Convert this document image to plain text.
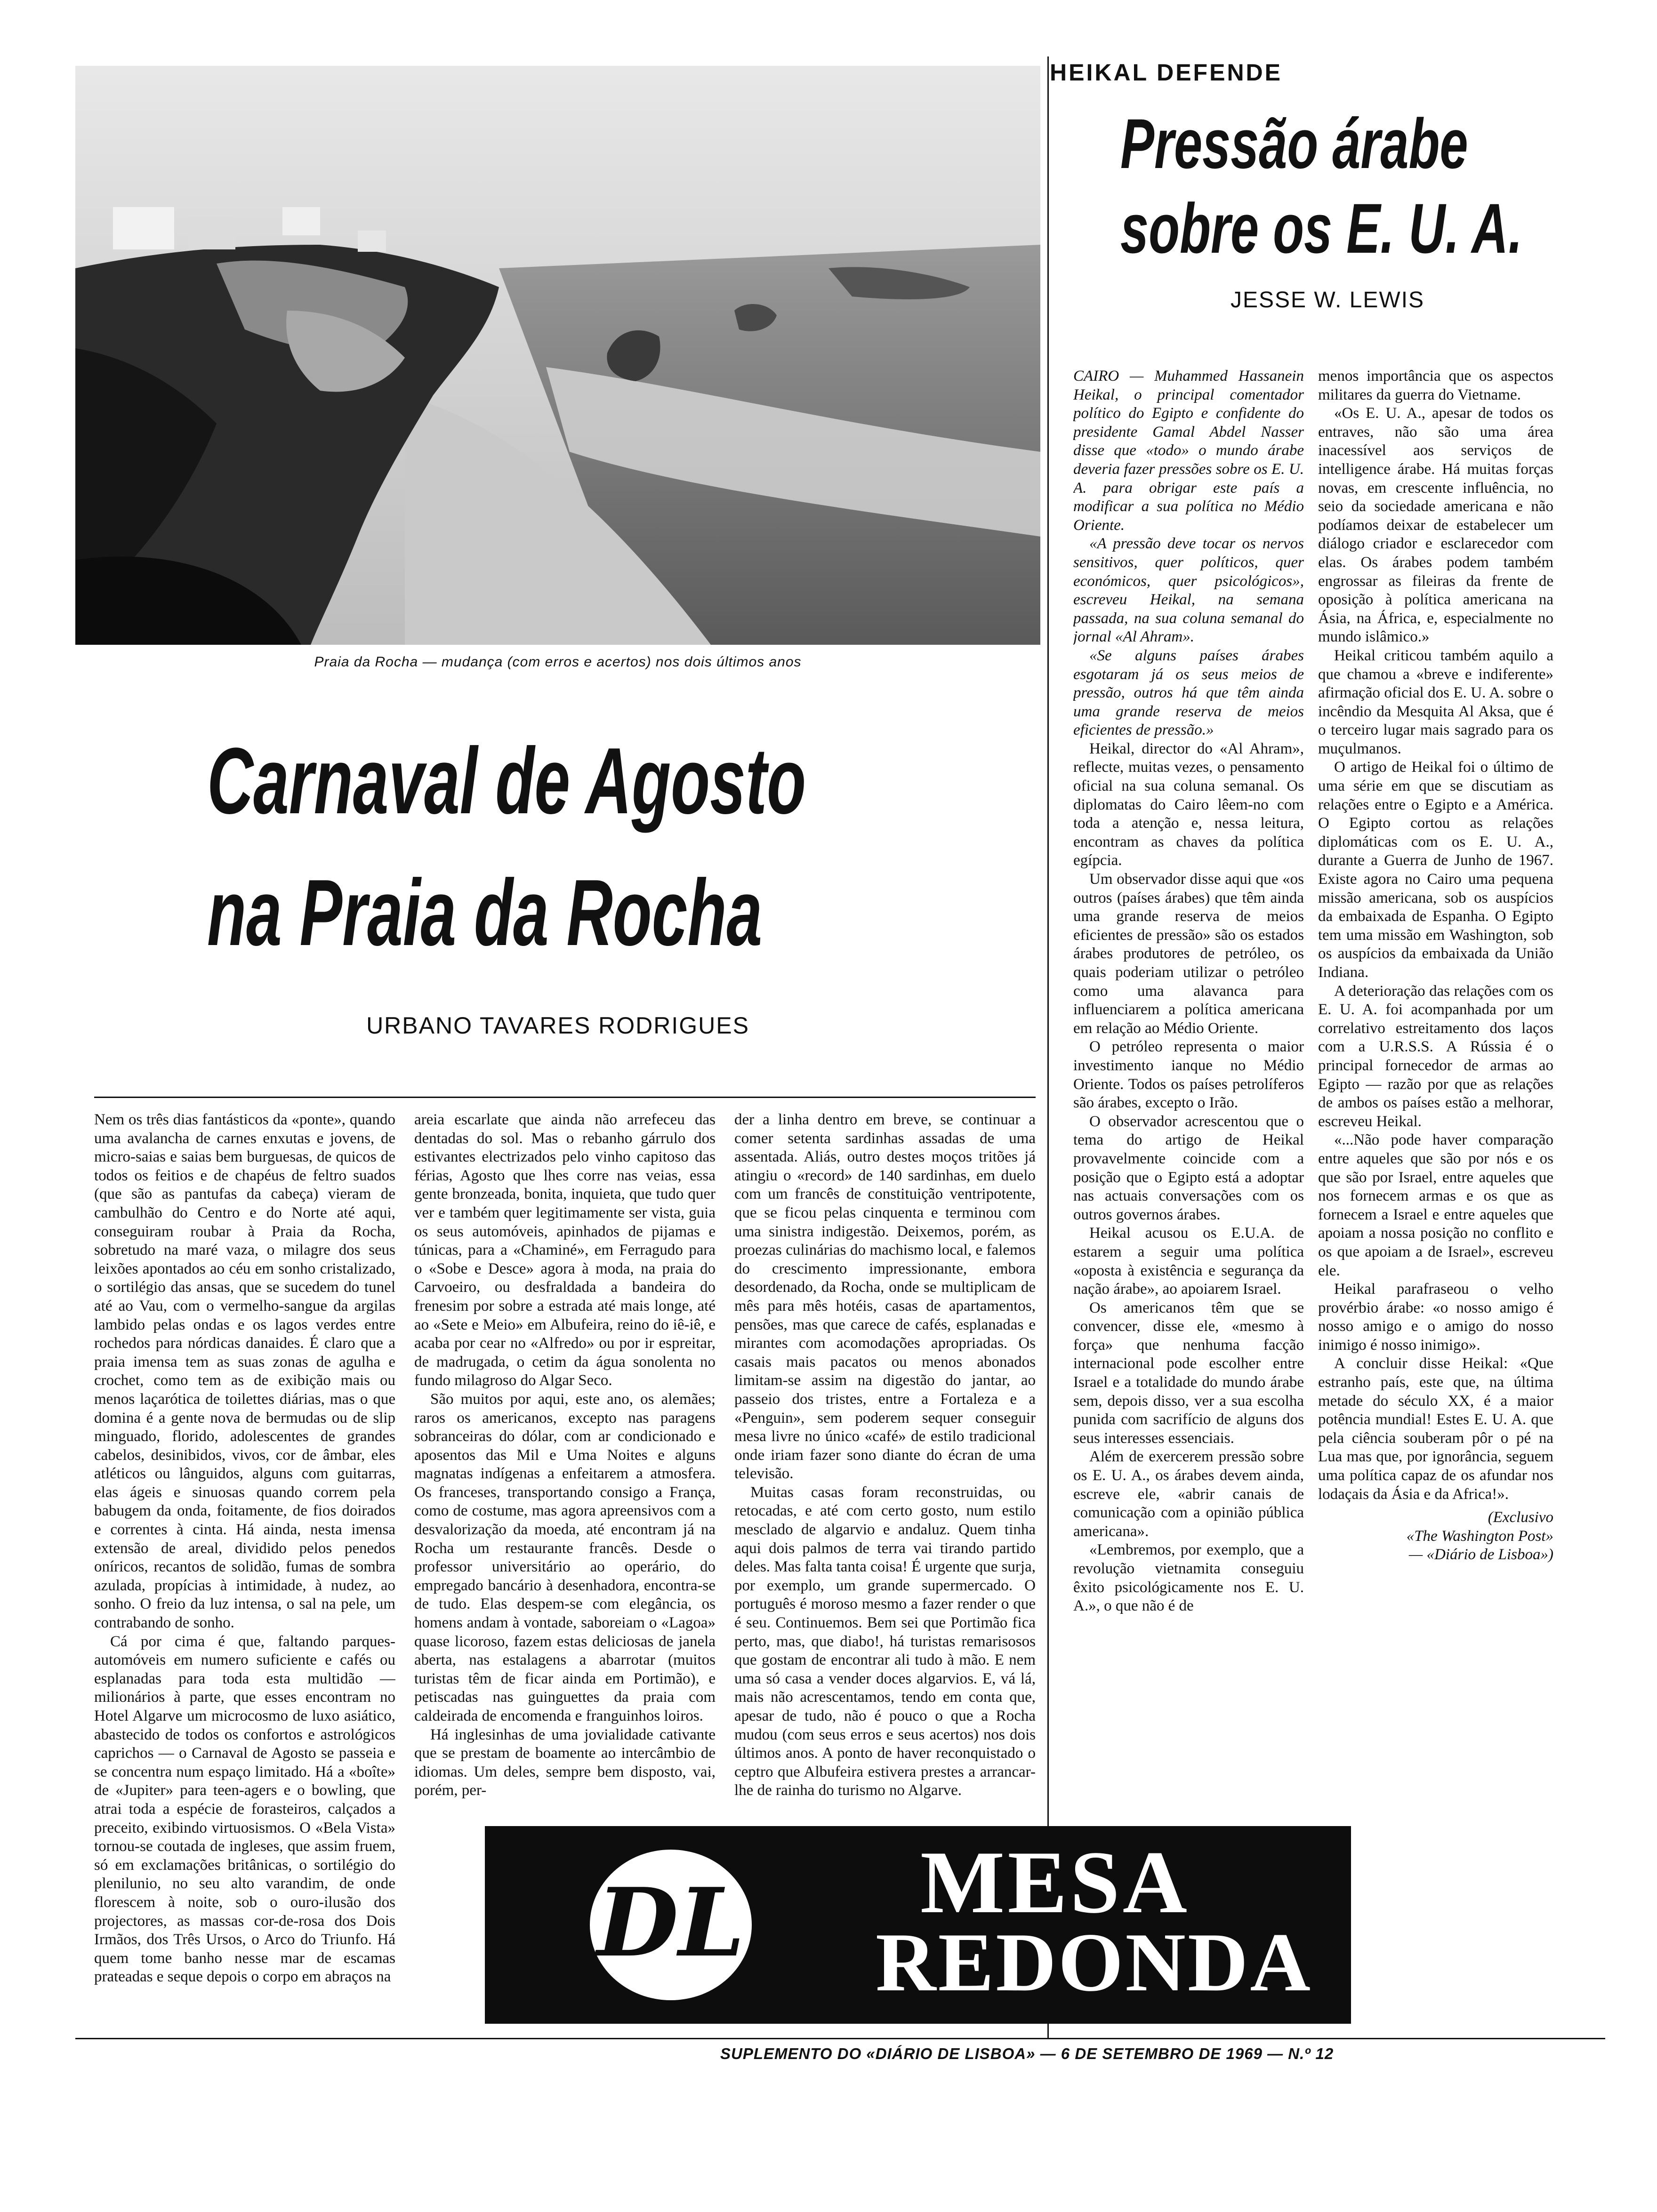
Praia da Rocha — mudança (com erros e acertos) nos dois últimos anos
Carnaval de Agosto
na Praia da Rocha
URBANO TAVARES RODRIGUES

Nem os três dias fantásticos da «ponte», quando uma avalancha de carnes enxutas e jovens, de micro-saias e saias bem burguesas, de quicos de todos os feitios e de chapéus de feltro suados (que são as pantufas da cabeça) vieram de cambulhão do Centro e do Norte até aqui, conseguiram roubar à Praia da Rocha, sobretudo na maré vaza, o milagre dos seus leixões apontados ao céu em sonho cristalizado, o sortilégio das ansas, que se sucedem do tunel até ao Vau, com o vermelho-sangue da argilas lambido pelas ondas e os lagos verdes entre rochedos para nórdicas danaides. É claro que a praia imensa tem as suas zonas de agulha e crochet, como tem as de exibição mais ou menos laçarótica de toilettes diárias, mas o que domina é a gente nova de bermudas ou de slip minguado, florido, adolescentes de grandes cabelos, desinibidos, vivos, cor de âmbar, eles atléticos ou lânguidos, alguns com guitarras, elas ágeis e sinuosas quando correm pela babugem da onda, foitamente, de fios doirados e correntes à cinta. Há ainda, nesta imensa extensão de areal, dividido pelos penedos oníricos, recantos de solidão, fumas de sombra azulada, propícias à intimidade, à nudez, ao sonho. O freio da luz intensa, o sal na pele, um contrabando de sonho.

Cá por cima é que, faltando parques-automóveis em numero suficiente e cafés ou esplanadas para toda esta multidão — milionários à parte, que esses encontram no Hotel Algarve um microcosmo de luxo asiático, abastecido de todos os confortos e astrológicos caprichos — o Carnaval de Agosto se passeia e se concentra num espaço limitado. Há a «boîte» de «Jupiter» para teen-agers e o bowling, que atrai toda a espécie de forasteiros, calçados a preceito, exibindo virtuosismos. O «Bela Vista» tornou-se coutada de ingleses, que assim fruem, só em exclamações britânicas, o sortilégio do plenilunio, no seu alto varandim, de onde florescem à noite, sob o ouro-ilusão dos projectores, as massas cor-de-rosa dos Dois Irmãos, dos Três Ursos, o Arco do Triunfo. Há quem tome banho nesse mar de escamas prateadas e seque depois o corpo em abraços na

areia escarlate que ainda não arrefeceu das dentadas do sol. Mas o rebanho gárrulo dos estivantes electrizados pelo vinho capitoso das férias, Agosto que lhes corre nas veias, essa gente bronzeada, bonita, inquieta, que tudo quer ver e também quer legitimamente ser vista, guia os seus automóveis, apinhados de pijamas e túnicas, para a «Chaminé», em Ferragudo para o «Sobe e Desce» agora à moda, na praia do Carvoeiro, ou desfraldada a bandeira do frenesim por sobre a estrada até mais longe, até ao «Sete e Meio» em Albufeira, reino do iê-iê, e acaba por cear no «Alfredo» ou por ir espreitar, de madrugada, o cetim da água sonolenta no fundo milagroso do Algar Seco.

São muitos por aqui, este ano, os alemães; raros os americanos, excepto nas paragens sobranceiras do dólar, com ar condicionado e aposentos das Mil e Uma Noites e alguns magnatas indígenas a enfeitarem a atmosfera. Os franceses, transportando consigo a França, como de costume, mas agora apreensivos com a desvalorização da moeda, até encontram já na Rocha um restaurante francês. Desde o professor universitário ao operário, do empregado bancário à desenhadora, encontra-se de tudo. Elas despem-se com elegância, os homens andam à vontade, saboreiam o «Lagoa» quase licoroso, fazem estas deliciosas de janela aberta, nas estalagens a abarrotar (muitos turistas têm de ficar ainda em Portimão), e petiscadas nas guinguettes da praia com caldeirada de encomenda e franguinhos loiros.

Há inglesinhas de uma jovialidade cativante que se prestam de boamente ao intercâmbio de idiomas. Um deles, sempre bem disposto, vai, porém, per-

der a linha dentro em breve, se continuar a comer setenta sardinhas assadas de uma assentada. Aliás, outro destes moços tritões já atingiu o «record» de 140 sardinhas, em duelo com um francês de constituição ventripotente, que se ficou pelas cinquenta e terminou com uma sinistra indigestão. Deixemos, porém, as proezas culinárias do machismo local, e falemos do crescimento impressionante, embora desordenado, da Rocha, onde se multiplicam de mês para mês hotéis, casas de apartamentos, pensões, mas que carece de cafés, esplanadas e mirantes com acomodações apropriadas. Os casais mais pacatos ou menos abonados limitam-se assim na digestão do jantar, ao passeio dos tristes, entre a Fortaleza e a «Penguin», sem poderem sequer conseguir mesa livre no único «café» de estilo tradicional onde iriam fazer sono diante do écran de uma televisão.

Muitas casas foram reconstruidas, ou retocadas, e até com certo gosto, num estilo mesclado de algarvio e andaluz. Quem tinha aqui dois palmos de terra vai tirando partido deles. Mas falta tanta coisa! É urgente que surja, por exemplo, um grande supermercado. O português é moroso mesmo a fazer render o que é seu. Continuemos. Bem sei que Portimão fica perto, mas, que diabo!, há turistas remarisosos que gostam de encontrar ali tudo à mão. E nem uma só casa a vender doces algarvios. E, vá lá, mais não acrescentamos, tendo em conta que, apesar de tudo, não é pouco o que a Rocha mudou (com seus erros e seus acertos) nos dois últimos anos. A ponto de haver reconquistado o ceptro que Albufeira estivera prestes a arrancar-lhe de rainha do turismo no Algarve.

HEIKAL DEFENDE
Pressão árabe
sobre os E. U. A.
JESSE W. LEWIS

CAIRO — Muhammed Hassanein Heikal, o principal comentador político do Egipto e confidente do presidente Gamal Abdel Nasser disse que «todo» o mundo árabe deveria fazer pressões sobre os E. U. A. para obrigar este país a modificar a sua política no Médio Oriente.

«A pressão deve tocar os nervos sensitivos, quer políticos, quer económicos, quer psicológicos», escreveu Heikal, na semana passada, na sua coluna semanal do jornal «Al Ahram».

«Se alguns países árabes esgotaram já os seus meios de pressão, outros há que têm ainda uma grande reserva de meios eficientes de pressão.»

Heikal, director do «Al Ahram», reflecte, muitas vezes, o pensamento oficial na sua coluna semanal. Os diplomatas do Cairo lêem-no com toda a atenção e, nessa leitura, encontram as chaves da política egípcia.

Um observador disse aqui que «os outros (países árabes) que têm ainda uma grande reserva de meios eficientes de pressão» são os estados árabes produtores de petróleo, os quais poderiam utilizar o petróleo como uma alavanca para influenciarem a política americana em relação ao Médio Oriente.

O petróleo representa o maior investimento ianque no Médio Oriente. Todos os países petrolíferos são árabes, excepto o Irão.

O observador acrescentou que o tema do artigo de Heikal provavelmente coincide com a posição que o Egipto está a adoptar nas actuais conversações com os outros governos árabes.

Heikal acusou os E.U.A. de estarem a seguir uma política «oposta à existência e segurança da nação árabe», ao apoiarem Israel.

Os americanos têm que se convencer, disse ele, «mesmo à força» que nenhuma facção internacional pode escolher entre Israel e a totalidade do mundo árabe sem, depois disso, ver a sua escolha punida com sacrifício de alguns dos seus interesses essenciais.

Além de exercerem pressão sobre os E. U. A., os árabes devem ainda, escreve ele, «abrir canais de comunicação com a opinião pública americana».

«Lembremos, por exemplo, que a revolução vietnamita conseguiu êxito psicológicamente nos E. U. A.», o que não é de

menos importância que os aspectos militares da guerra do Vietname.

«Os E. U. A., apesar de todos os entraves, não são uma área inacessível aos serviços de intelligence árabe. Há muitas forças novas, em crescente influência, no seio da sociedade americana e não podíamos deixar de estabelecer um diálogo criador e esclarecedor com elas. Os árabes podem também engrossar as fileiras da frente de oposição à política americana na Ásia, na África, e, especialmente no mundo islâmico.»

Heikal criticou também aquilo a que chamou a «breve e indiferente» afirmação oficial dos E. U. A. sobre o incêndio da Mesquita Al Aksa, que é o terceiro lugar mais sagrado para os muçulmanos.

O artigo de Heikal foi o último de uma série em que se discutiam as relações entre o Egipto e a América. O Egipto cortou as relações diplomáticas com os E. U. A., durante a Guerra de Junho de 1967. Existe agora no Cairo uma pequena missão americana, sob os auspícios da embaixada de Espanha. O Egipto tem uma missão em Washington, sob os auspícios da embaixada da União Indiana.

A deterioração das relações com os E. U. A. foi acompanhada por um correlativo estreitamento dos laços com a U.R.S.S. A Rússia é o principal fornecedor de armas ao Egipto — razão por que as relações de ambos os países estão a melhorar, escreveu Heikal.

«...Não pode haver comparação entre aqueles que são por nós e os que são por Israel, entre aqueles que nos fornecem armas e os que as fornecem a Israel e entre aqueles que apoiam a nossa posição no conflito e os que apoiam a de Israel», escreveu ele.

Heikal parafraseou o velho provérbio árabe: «o nosso amigo é nosso amigo e o amigo do nosso inimigo é nosso inimigo».

A concluir disse Heikal: «Que estranho país, este que, na última metade do século XX, é a maior potência mundial! Estes E. U. A. que pela ciência souberam pôr o pé na Lua mas que, por ignorância, seguem uma política capaz de os afundar nos lodaçais da Ásia e da Africa!».

(Exclusivo
«The Washington Post»
— «Diário de Lisboa»)
DL MESA
REDONDA
SUPLEMENTO DO «DIÁRIO DE LISBOA» — 6 DE SETEMBRO DE 1969 — N.º 12
